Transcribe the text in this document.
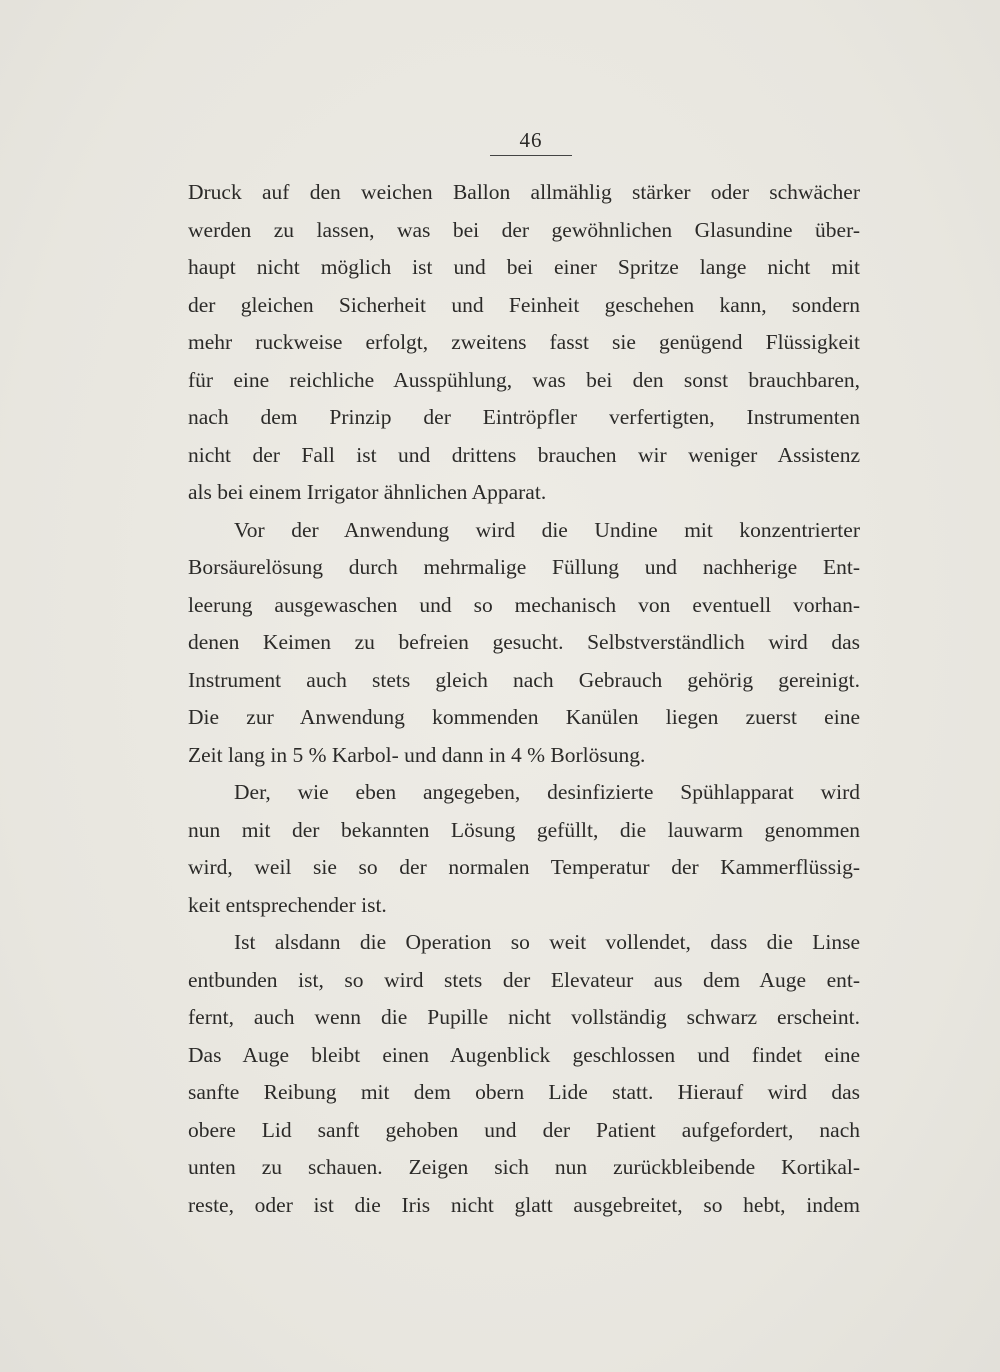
46
Druck auf den weichen Ballon allmählig stärker oder schwächer
werden zu lassen, was bei der gewöhnlichen Glasundine über-
haupt nicht möglich ist und bei einer Spritze lange nicht mit
der gleichen Sicherheit und Feinheit geschehen kann, sondern
mehr ruckweise erfolgt, zweitens fasst sie genügend Flüssigkeit
für eine reichliche Ausspühlung, was bei den sonst brauchbaren,
nach dem Prinzip der Eintröpfler verfertigten, Instrumenten
nicht der Fall ist und drittens brauchen wir weniger Assistenz
als bei einem Irrigator ähnlichen Apparat.
Vor der Anwendung wird die Undine mit konzentrierter
Borsäurelösung durch mehrmalige Füllung und nachherige Ent-
leerung ausgewaschen und so mechanisch von eventuell vorhan-
denen Keimen zu befreien gesucht. Selbstverständlich wird das
Instrument auch stets gleich nach Gebrauch gehörig gereinigt.
Die zur Anwendung kommenden Kanülen liegen zuerst eine
Zeit lang in 5 % Karbol- und dann in 4 % Borlösung.
Der, wie eben angegeben, desinfizierte Spühlapparat wird
nun mit der bekannten Lösung gefüllt, die lauwarm genommen
wird, weil sie so der normalen Temperatur der Kammerflüssig-
keit entsprechender ist.
Ist alsdann die Operation so weit vollendet, dass die Linse
entbunden ist, so wird stets der Elevateur aus dem Auge ent-
fernt, auch wenn die Pupille nicht vollständig schwarz erscheint.
Das Auge bleibt einen Augenblick geschlossen und findet eine
sanfte Reibung mit dem obern Lide statt. Hierauf wird das
obere Lid sanft gehoben und der Patient aufgefordert, nach
unten zu schauen. Zeigen sich nun zurückbleibende Kortikal-
reste, oder ist die Iris nicht glatt ausgebreitet, so hebt, indem
